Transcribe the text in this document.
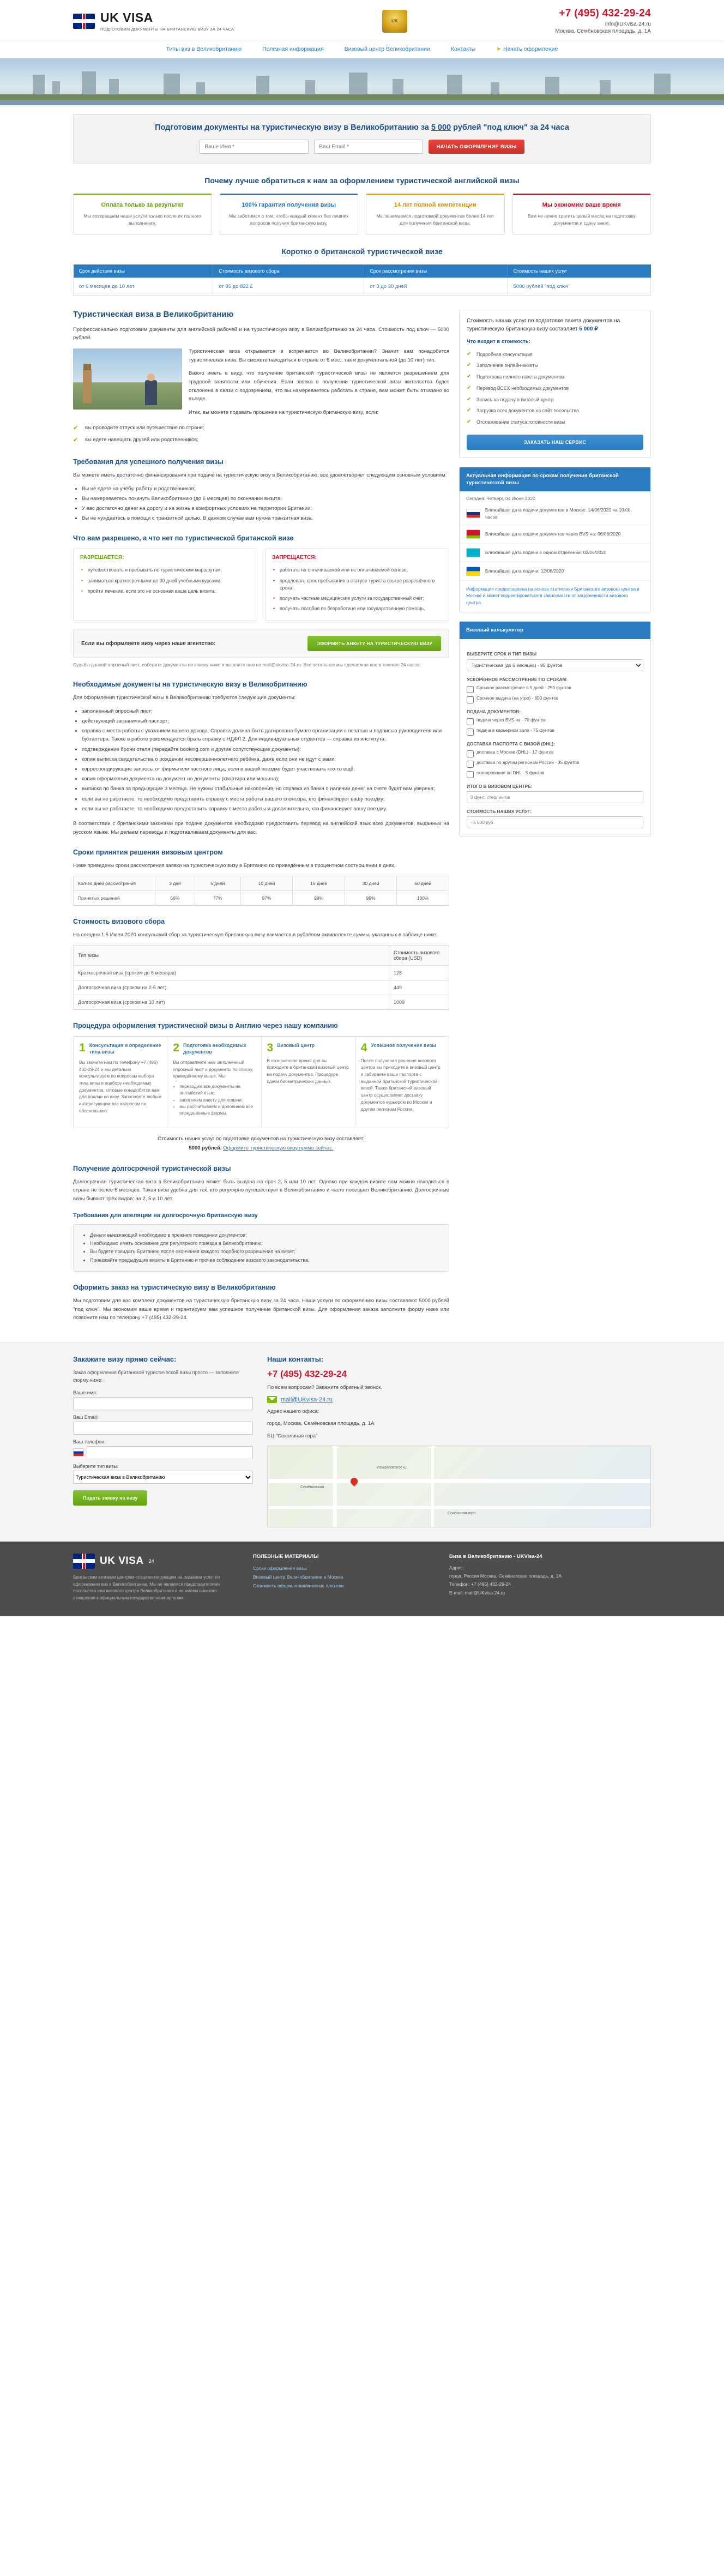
UK VISA
ПОДГОТОВИМ ДОКУМЕНТЫ НА БРИТАНСКУЮ ВИЗУ ЗА 24 ЧАСА
UK
+7 (495) 432-29-24
info@UKvisa-24.ru
Москва, Семёновская площадь, д. 1А
Типы виз в Великобританию	Полезная информация	Визовый центр Великобритании	Контакты	➤ Начать оформление
Подготовим документы на туристическую визу в Великобританию за 5 000 рублей "под ключ" за 24 часа
Ваше Имя *
Ваш Email *
НАЧАТЬ ОФОРМЛЕНИЕ ВИЗЫ
Почему лучше обратиться к нам за оформлением туристической английской визы
Оплата только за результат

Мы возвращаем наши услуги только после их полного выполнения.

100% гарантия получения визы

Мы заботимся о том, чтобы каждый клиент без лишних вопросов получил британскую визу.

14 лет полной компетенции

Мы занимаемся подготовкой документов более 14 лет для получения британской визы.

Мы экономим ваше время

Вам не нужно тратить целый месяц на подготовку документов и сдачу анкет.

Коротко о британской туристической визе
Срок действия визы	Стоимость визового сбора	Срок рассмотрения визы	Стоимость наших услуг
от 6 месяцев до 10 лет	от 95 до 822 £	от 3 до 30 дней	5000 рублей "под ключ"
Туристическая виза в Великобританию

Профессионально подготовим документы для английской рабочей и на туристическую визу в Великобританию за 24 часа. Стоимость под ключ — 5000 рублей.

Туристическая виза открывается в встречается во Великобритании? Значит вам понадобится туристическая виза. Вы сможете находиться в стране от 6 мес., так и документальной (до 10 лет) тип.

Важно иметь в виду, что получение британской туристической визы не является разрешением для трудовой занятости или обучения. Если заявка в получении туристической визы жительства будет отклонена в связи с подозрением, что вы намереваетесь работать в стране, вам может быть отказано во въезде.

Итак, вы можете подавать прошение на туристическую британскую визу, если:

✔ вы проводите отпуск или путешествие по стране;
✔ вы едете навещать друзей или родственников;
Требования для успешного получения визы

Вы можете иметь достаточно финансирования при подаче на туристическую визу в Великобританию, все удовлетворяет следующим основным условиям:

• Вы не едете на учёбу, работу и родственников;
• Вы намереваетесь покинуть Великобританию (до 6 месяцев) по окончании визита;
• У вас достаточно денег на дорогу и на жизнь в комфортных условиях на территории Британии;
• Вы не нуждаетесь в помощи с транзитной целью. В данном случае вам нужна транзитная виза.
Что вам разрешено, а что нет по туристической британской визе
РАЗРЕШАЕТСЯ:
• путешествовать и пребывать по туристическим маршрутам;
• заниматься краткосрочными до 30 дней учёбными курсами;
• пройти лечение, если это не основная ваша цель визита.
ЗАПРЕЩАЕТСЯ:
• работать на оплачиваемой или не оплачиваемой основе;
• продлевать срок пребывания в статусе туриста свыше разрешённого срока;
• получать частные медицинские услуги за государственный счёт;
• получать пособия по безработице или государственную помощь.
Если вы оформляете визу через наше агентство:	ОФОРМИТЬ АНКЕТУ НА ТУРИСТИЧЕСКУЮ ВИЗУ
Судьбы данной опросный лист, соберите документы по списку ниже и вышлите нам на mail@ukvisa-24.ru. Все остальное мы сделаем за вас в течение 24 часов.
Необходимые документы на туристическую визу в Великобританию

Для оформления туристической визы в Великобританию требуются следующие документы:

• заполненный опросный лист;
• действующий заграничный паспорт;
• справка с места работы с указанием вашего дохода. Справка должна быть датирована бумаге организации с печатью и подписью руководителя или бухгалтера. Также в работе рекомендуется брать справку с НДФЛ 2. Для индивидуальных студентов — справка из института;
• подтверждение брони отеля (передайте booking.com и другие сопутствующие документы);
• копия выписка свидетельства о рождении несовершеннолетнего ребёнка, даже если они не идут с вами;
• корреспондирующие запросы от фирмы или частного лица, если в вашей поездке будет участвовать кто-то ещё;
• копия оформления документа на документ на документы (квартира или машина);
• выписка по банка за предыдущие 3 месяца. Не нужны стабильные накопления, но справка из банка о наличии денег на счете будет вам уверена;
• если вы не работаете, то необходимо представить справку с места работы вашего спонсора, кто финансирует вашу поездку;
• если вы не работаете, то необходимо предоставить справку с места работы и дополнительно, кто финансирует вашу поездку.

В соответствии с британскими законами при подаче документов необходимо предоставить перевод на английский язык всех документов, выданных на русском языке. Мы делаем переводы и подготавливаем документы для вас.

Сроки принятия решения визовым центром

Ниже приведены сроки рассмотрения заявки на туристическую визу в Британию по приведённым в процентном соотношении в днях.

Кол-во дней рассмотрения	3 дня	5 дней	10 дней	15 дней	30 дней	60 дней
Принятых решений	56%	77%	97%	99%	99%	100%
Стоимость визового сбора

На сегодня 1.5 Июля 2020 консульский сбор за туристическую британскую визу взимается в рублёвом эквиваленте суммы, указанных в таблице ниже:

Тип визы	Стоимость визового сбора (USD)
Краткосрочная виза (сроком до 6 месяцев)	128
Долгосрочная виза (сроком на 2-5 лет)	449
Долгосрочная виза (сроком на 10 лет)	1009
Процедура оформления туристической визы в Англию через нашу компанию
1 Консультация и определение типа визы

Вы звоните нам по телефону +7 (495) 432-29-24 и мы детально консультируем по вопросам выбора типа визы и подбору необходимых документов, которые понадобятся вам для подачи на визу. Заполняете любым интересующим вас вопросом по обоснованию.

2 Подготовка необходимых документов

Вы отправляете нам заполненный опросный лист и документы по списку, приведённому выше. Мы:

• переводим все документы на английский язык;
• заполняем анкету для подачи;
• мы рассчитываем и дополняем все определённые формы.
3 Визовый центр

В назначенное время дня вы приходите в британский визовый центр на подачу документов. Процедура сдачи биометрических данных.

4 Успешное получение визы

После получения решения визового центра вы приходите в визовый центр и забираете ваши паспорта с выданной британской туристической визой. Также британский визовый центр осуществляет доставку документов курьером по Москве и другим регионам России.

Стоимость наших услуг по подготовке документов на туристическую визу составляет:
5000 рублей. Оформите туристическую визу прямо сейчас.
Получение долгосрочной туристической визы

Долгосрочная туристическая виза в Великобританию может быть выдана на срок 2, 5 или 10 лет. Однако при каждом визите вам можно находиться в стране не более 6 месяцев. Такая виза удобна для тех, кто регулярно путешествует в Великобританию и часто посещает Великобританию. Долгосрочные визы бывают трёх видов: на 2, 5 и 10 лет.

Требования для апеляции на долгосрочную британскую визу
• Деньги выезжающий необходимо в прежнем поведении документов;
• Необходимо иметь основание для регулярного приезда в Великобританию;
• Вы будете покидать Британию после окончания каждого подобного разрешения на визит;
• Приезжайте предыдущие визиты в Британию и прочее соблюдение визового законодательства.
Оформить заказ на туристическую визу в Великобританию

Мы подготовим для вас комплект документов на туристическую британскую визу за 24 часа. Наши услуги по оформлению визы составляют 5000 рублей "под ключ". Мы экономим ваше время и гарантируем вам успешное получение британской визы. Для оформления заказа заполните форму ниже или позвоните нам по телефону +7 (495) 432-29-24.

Стоимость наших услуг по подготовке пакета документов на туристическую британскую визу составляет 5 000 ₽
Что входит в стоимость:
✔ Подробная консультация
✔ Заполнение онлайн-анкеты
✔ Подготовка полного пакета документов
✔ Перевод ВСЕХ необходимых документов
✔ Запись на подачу в визовый центр
✔ Загрузка всех документов на сайт посольства
✔ Отслеживание статуса готовности визы
ЗАКАЗАТЬ НАШ СЕРВИС
Актуальная информация по срокам получения британской туристической визы
Сегодня: Четверг, 04 Июня 2020
Ближайшая дата подачи документов в Москве: 14/06/2020 на 10:00 часов
Ближайшая дата подачи документов через BVS на: 06/06/2020
Ближайшая дата подачи в одном отделении: 02/06/2020
Ближайшая дата подачи: 12/06/2020
Информация предоставлена на основе статистики Британского визового центра в Москве и может корректироваться в зависимости от загруженности визового центра.
Визовый калькулятор
ВЫБЕРИТЕ СРОК И ТИП ВИЗЫ
Туристическая (до 6 месяцев) - 95 фунтов
УСКОРЕННОЕ РАССМОТРЕНИЕ ПО СРОКАМ:
Срочное рассмотрение в 5 дней - 250 фунтов
Срочное выдача (на утро) - 800 фунтов
ПОДАЧА ДОКУМЕНТОВ:
подача через BVS на - 70 фунтов
подача в карьерном зале - 75 фунтов
ДОСТАВКА ПАСПОРТА С ВИЗОЙ (DHL):
доставка с Москве (DHL) - 17 фунтов
доставка по другим регионам России - 35 фунтов
сканирование по DHL - 5 фунтов
ИТОГО В ВИЗОВОМ ЦЕНТРЕ:
0 фунт. стерлингов
СТОИМОСТЬ НАШИХ УСЛУГ:
- 5 000 руб.
Закажите визу прямо сейчас:
Заказ оформления британской туристической визы просто — заполните форму ниже:
Ваше имя:
Ваш Email:
Ваш телефон:
Выберите тип визы:
Туристическая виза в Великобританию Подать заявку на визу
Наши контакты:
+7 (495) 432-29-24
По всем вопросам? Закажите обратный звонок.
mail@UKvisa-24.ru
Адрес нашего офиса:
город, Москва, Семёновская площадь, д. 1А
БЦ "Соколиная гора"
Семёновская
Измайловское ш.
Соколиная гора
UK VISA 24
Британским визовым центром-специализирующим на оказании услуг по оформлению виз в Великобританию. Мы не являемся представителями посольства или визового центра Великобритании и не имеем никакого отношения к официальным государственным органам.
ПОЛЕЗНЫЕ МАТЕРИАЛЫ
Сроки оформления визы
Визовый центр Великобритании в Москве
Стоимость оформления/визовые платежи
Виза в Великобританию - UKVisa-24
Адрес:
город, Россия Москва, Семёновская площадь, д. 1А
Телефон: +7 (495) 432-29-24
E-mail: mail@UKvisa-24.ru
